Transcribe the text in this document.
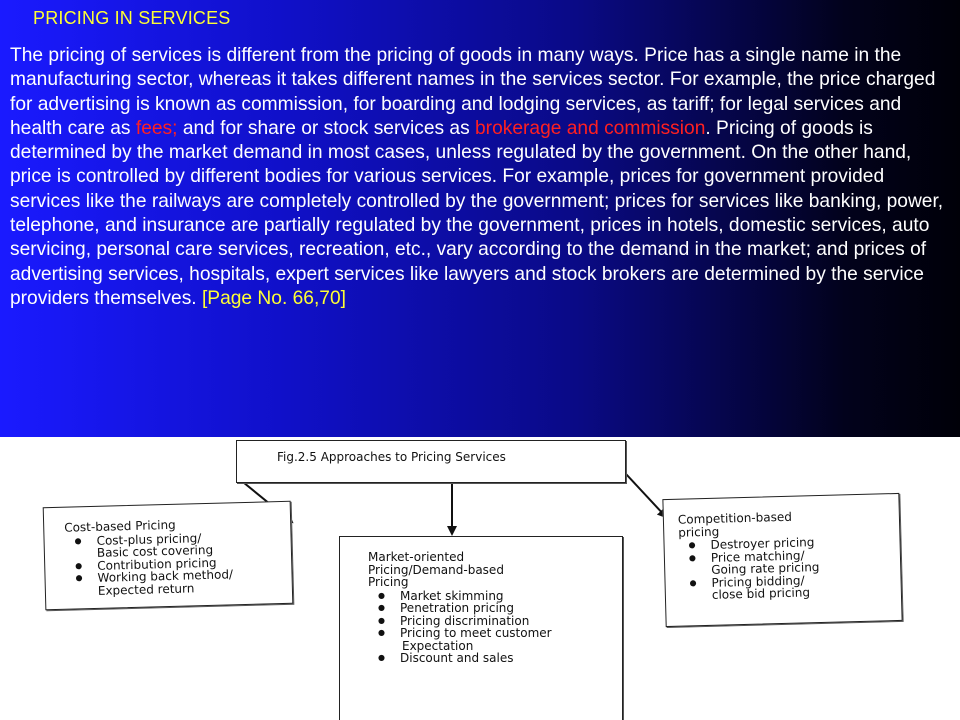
PRICING IN SERVICES
The pricing of services is different from the pricing of goods in many ways. Price has a single name in the manufacturing sector, whereas it takes different names in the services sector. For example, the price charged for advertising is known as commission, for boarding and lodging services, as tariff; for legal services and health care as fees; and for share or stock services as brokerage and commission. Pricing of goods is determined by the market demand in most cases, unless regulated by the government. On the other hand, price is controlled by different bodies for various services. For example, prices for government provided services like the railways are completely controlled by the government; prices for services like banking, power, telephone, and insurance are partially regulated by the government, prices in hotels, domestic services, auto servicing, personal care services, recreation, etc., vary according to the demand in the market; and prices of advertising services, hospitals, expert services like lawyers and stock brokers are determined by the service providers themselves. [Page No. 66,70]
Fig.2.5 Approaches to Pricing Services
Cost-based Pricing
● Cost-plus pricing/
Basic cost covering
● Contribution pricing
● Working back method/
Expected return
Market-oriented
Pricing/Demand-based
Pricing
● Market skimming
● Penetration pricing
● Pricing discrimination
● Pricing to meet customer
Expectation
● Discount and sales
Competition-based
pricing
● Destroyer pricing
● Price matching/
Going rate pricing
● Pricing bidding/
close bid pricing
